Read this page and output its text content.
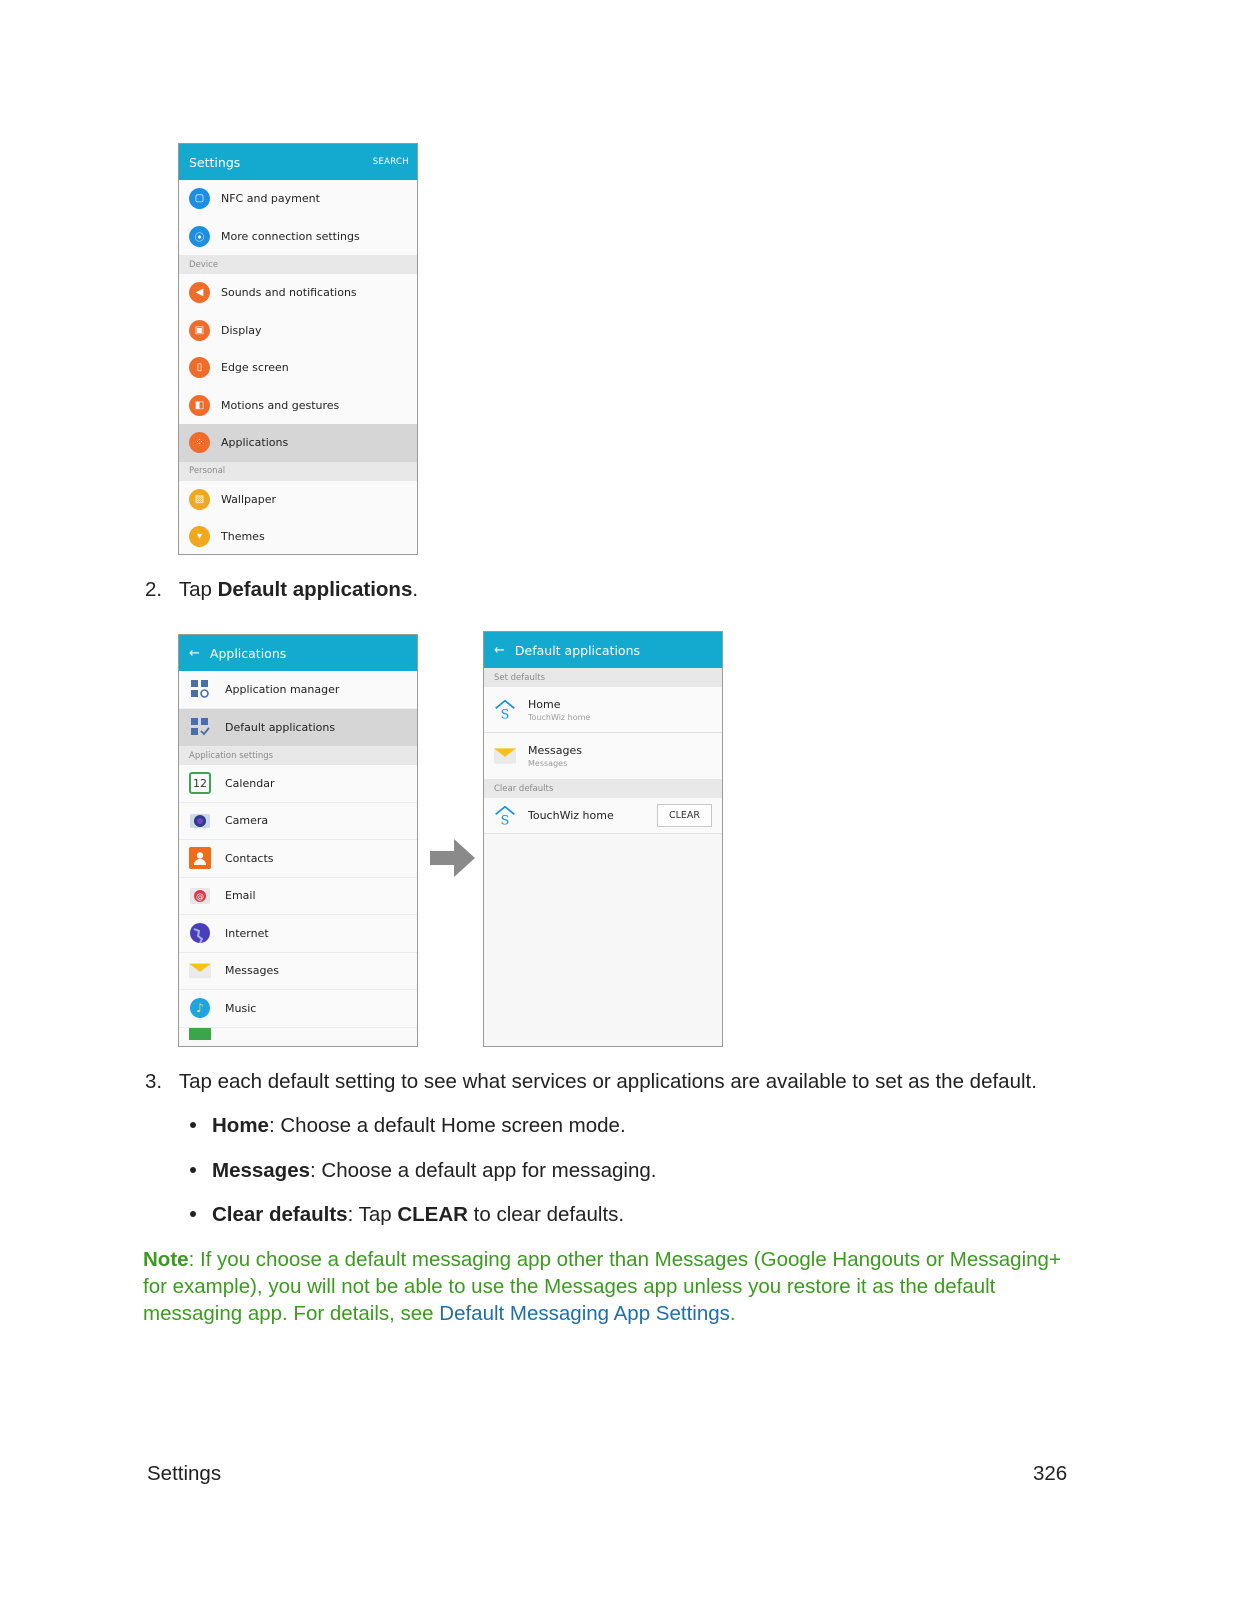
Settings	SEARCH
▢	NFC and payment
⦿	More connection settings
Device
◀	Sounds and notifications
▣	Display
▯	Edge screen
◧	Motions and gestures
⁘	Applications
Personal
▨	Wallpaper
▾	Themes
2. Tap Default applications.
← Applications
Application manager
Default applications
Application settings
12	Calendar
Camera
Contacts
@ Email
Internet
Messages
♪ Music
← Default applications
Set defaults
S
Home
TouchWiz home
Messages
Messages
Clear defaults
S TouchWiz home	CLEAR
3. Tap each default setting to see what services or applications are available to set as the default.
Home: Choose a default Home screen mode.
Messages: Choose a default app for messaging.
Clear defaults: Tap CLEAR to clear defaults.
Note: If you choose a default messaging app other than Messages (Google Hangouts or Messaging+ for example), you will not be able to use the Messages app unless you restore it as the default messaging app. For details, see Default Messaging App Settings.
Settings	326
